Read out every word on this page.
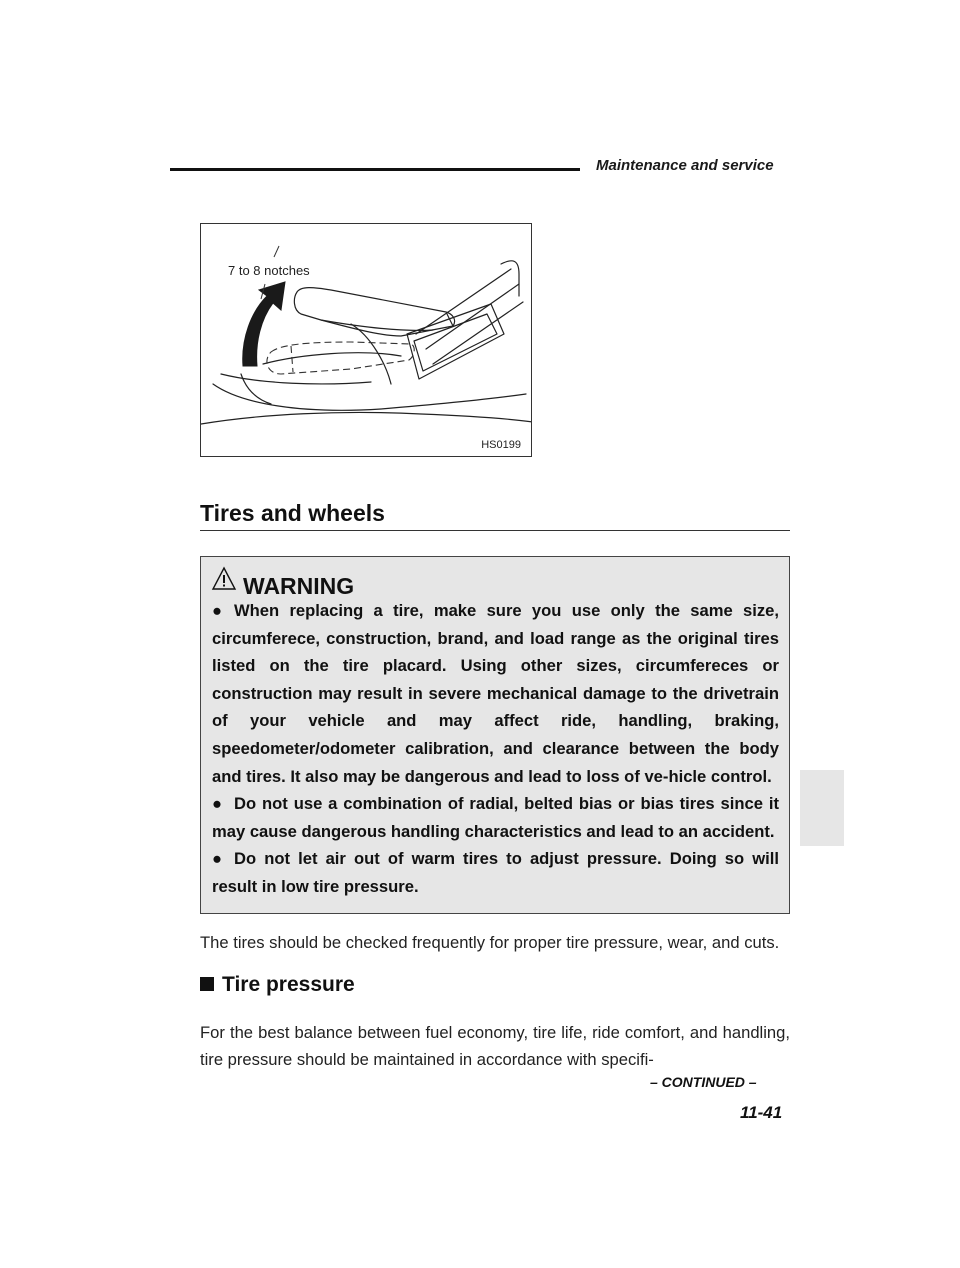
Maintenance and service
7 to 8 notches
HS0199
Tires and wheels
WARNING

● When replacing a tire, make sure you use only the same size, circumferece, construction, brand, and load range as the original tires listed on the tire placard. Using other sizes, circumfereces or construction may result in severe mechanical damage to the drivetrain of your vehicle and may affect ride, handling, braking, speedometer/odometer calibration, and clearance between the body and tires. It also may be dangerous and lead to loss of ve-hicle control.

● Do not use a combination of radial, belted bias or bias tires since it may cause dangerous handling characteristics and lead to an accident.

● Do not let air out of warm tires to adjust pressure. Doing so will result in low tire pressure.

The tires should be checked frequently for proper tire pressure, wear, and cuts.
Tire pressure
For the best balance between fuel economy, tire life, ride comfort, and handling, tire pressure should be maintained in accordance with specifi-
– CONTINUED –
11-41
